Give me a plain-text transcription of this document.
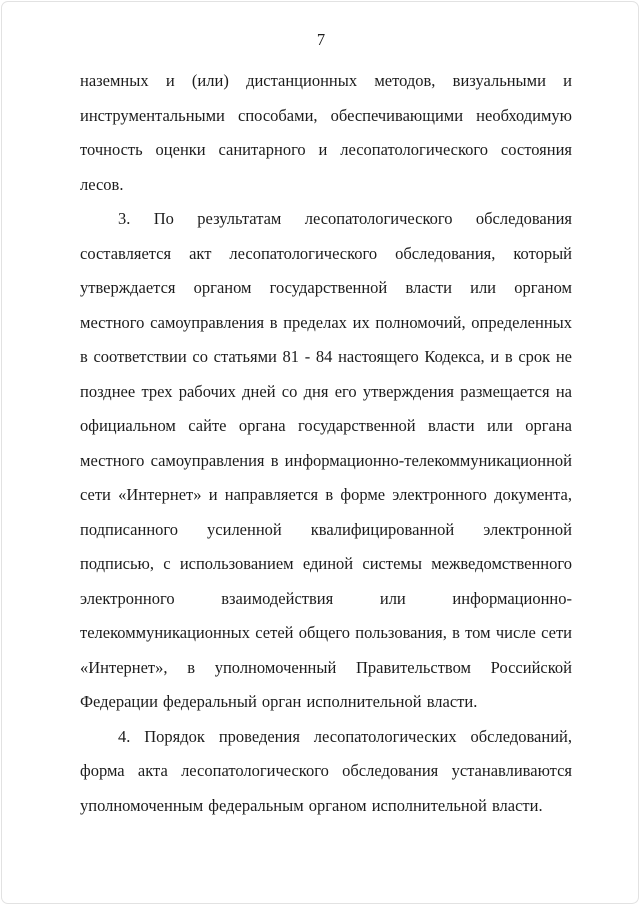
7

наземных и (или) дистанционных методов, визуальными и инструментальными способами, обеспечивающими необходимую точность оценки санитарного и лесопатологического состояния лесов.

3. По результатам лесопатологического обследования составляется акт лесопатологического обследования, который утверждается органом государственной власти или органом местного самоуправления в пределах их полномочий, определенных в соответствии со статьями 81 - 84 настоящего Кодекса, и в срок не позднее трех рабочих дней со дня его утверждения размещается на официальном сайте органа государственной власти или органа местного самоуправления в информационно-телекоммуникационной сети «Интернет» и направляется в форме электронного документа, подписанного усиленной квалифицированной электронной подписью, с использованием единой системы межведомственного электронного взаимодействия или информационно-телекоммуникационных сетей общего пользования, в том числе сети «Интернет», в уполномоченный Правительством Российской Федерации федеральный орган исполнительной власти.

4. Порядок проведения лесопатологических обследований, форма акта лесопатологического обследования устанавливаются уполномоченным федеральным органом исполнительной власти.
